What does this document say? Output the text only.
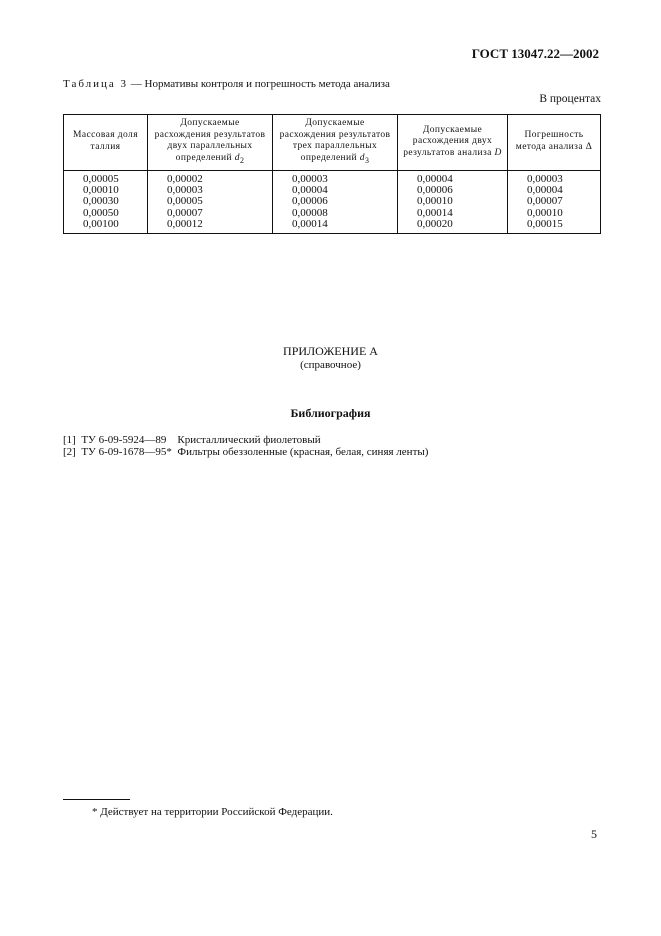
ГОСТ 13047.22—2002
Таблица 3 — Нормативы контроля и погрешность метода анализа
В процентах
Массовая доля таллия	Допускаемые расхождения результатов двух параллельных определений $d_2$	Допускаемые расхождения результатов трех параллельных определений $d_3$	Допускаемые расхождения двух результатов анализа D	Погрешность метода анализа Δ
0,00005	0,00002	0,00003	0,00004	0,00003
0,00010	0,00003	0,00004	0,00006	0,00004
0,00030	0,00005	0,00006	0,00010	0,00007
0,00050	0,00007	0,00008	0,00014	0,00010
0,00100	0,00012	0,00014	0,00020	0,00015
ПРИЛОЖЕНИЕ А
(справочное)
Библиография
[1] ТУ 6-09-5924—89 Кристаллический фиолетовый
[2] ТУ 6-09-1678—95* Фильтры обеззоленные (красная, белая, синяя ленты)
* Действует на территории Российской Федерации.
5
